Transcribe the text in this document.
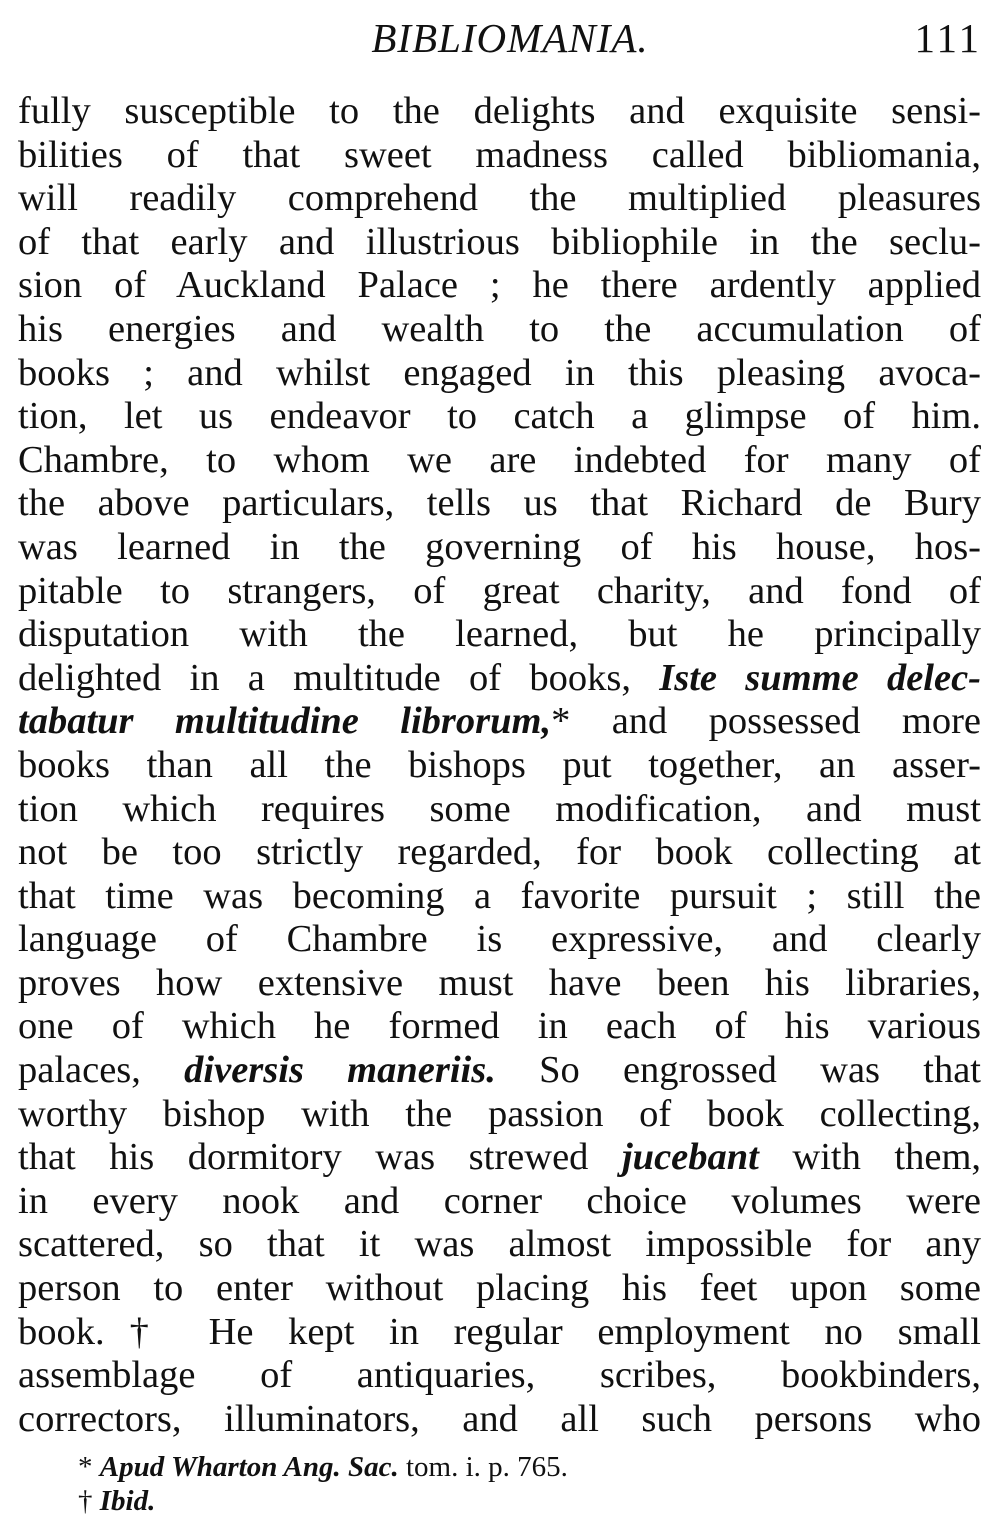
BIBLIOMANIA.	111
fully susceptible to the delights and exquisite sensi-
bilities of that sweet madness called bibliomania,
will readily comprehend the multiplied pleasures
of that early and illustrious bibliophile in the seclu-
sion of Auckland Palace ; he there ardently applied
his energies and wealth to the accumulation of
books ; and whilst engaged in this pleasing avoca-
tion, let us endeavor to catch a glimpse of him.
Chambre, to whom we are indebted for many of
the above particulars, tells us that Richard de Bury
was learned in the governing of his house, hos-
pitable to strangers, of great charity, and fond of
disputation with the learned, but he principally
delighted in a multitude of books, Iste summe delec-
tabatur multitudine librorum,* and possessed more
books than all the bishops put together, an asser-
tion which requires some modification, and must
not be too strictly regarded, for book collecting at
that time was becoming a favorite pursuit ; still the
language of Chambre is expressive, and clearly
proves how extensive must have been his libraries,
one of which he formed in each of his various
palaces, diversis maneriis. So engrossed was that
worthy bishop with the passion of book collecting,
that his dormitory was strewed jucebant with them,
in every nook and corner choice volumes were
scattered, so that it was almost impossible for any
person to enter without placing his feet upon some
book.† He kept in regular employment no small
assemblage of antiquaries, scribes, bookbinders,
correctors, illuminators, and all such persons who
* Apud Wharton Ang. Sac. tom. i. p. 765.
† Ibid.
